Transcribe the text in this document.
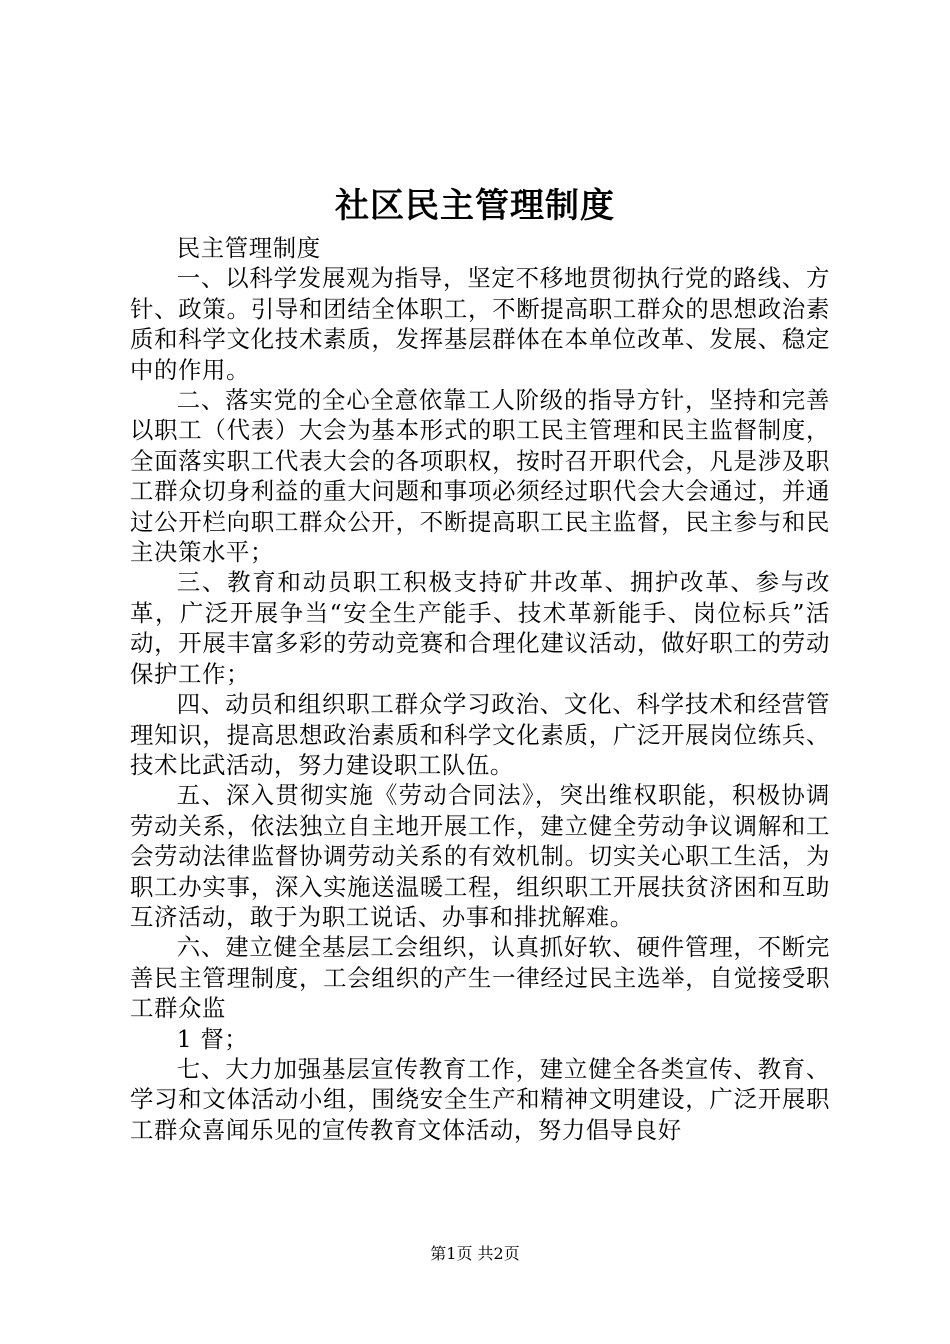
社区民主管理制度

民主管理制度

一、以科学发展观为指导，坚定不移地贯彻执行党的路线、方针、政策。引导和团结全体职工，不断提高职工群众的思想政治素质和科学文化技术素质，发挥基层群体在本单位改革、发展、稳定中的作用。

二、落实党的全心全意依靠工人阶级的指导方针，坚持和完善以职工（代表）大会为基本形式的职工民主管理和民主监督制度，全面落实职工代表大会的各项职权，按时召开职代会，凡是涉及职工群众切身利益的重大问题和事项必须经过职代会大会通过，并通过公开栏向职工群众公开，不断提高职工民主监督，民主参与和民主决策水平；

三、教育和动员职工积极支持矿井改革、拥护改革、参与改革，广泛开展争当“安全生产能手、技术革新能手、岗位标兵”活动，开展丰富多彩的劳动竞赛和合理化建议活动，做好职工的劳动保护工作；

四、动员和组织职工群众学习政治、文化、科学技术和经营管理知识，提高思想政治素质和科学文化素质，广泛开展岗位练兵、技术比武活动，努力建设职工队伍。

五、深入贯彻实施《劳动合同法》，突出维权职能，积极协调劳动关系，依法独立自主地开展工作，建立健全劳动争议调解和工会劳动法律监督协调劳动关系的有效机制。切实关心职工生活，为职工办实事，深入实施送温暖工程，组织职工开展扶贫济困和互助互济活动，敢于为职工说话、办事和排扰解难。

六、建立健全基层工会组织，认真抓好软、硬件管理，不断完善民主管理制度，工会组织的产生一律经过民主选举，自觉接受职工群众监

1 督；

七、大力加强基层宣传教育工作，建立健全各类宣传、教育、学习和文体活动小组，围绕安全生产和精神文明建设，广泛开展职工群众喜闻乐见的宣传教育文体活动，努力倡导良好

第1页 共2页
